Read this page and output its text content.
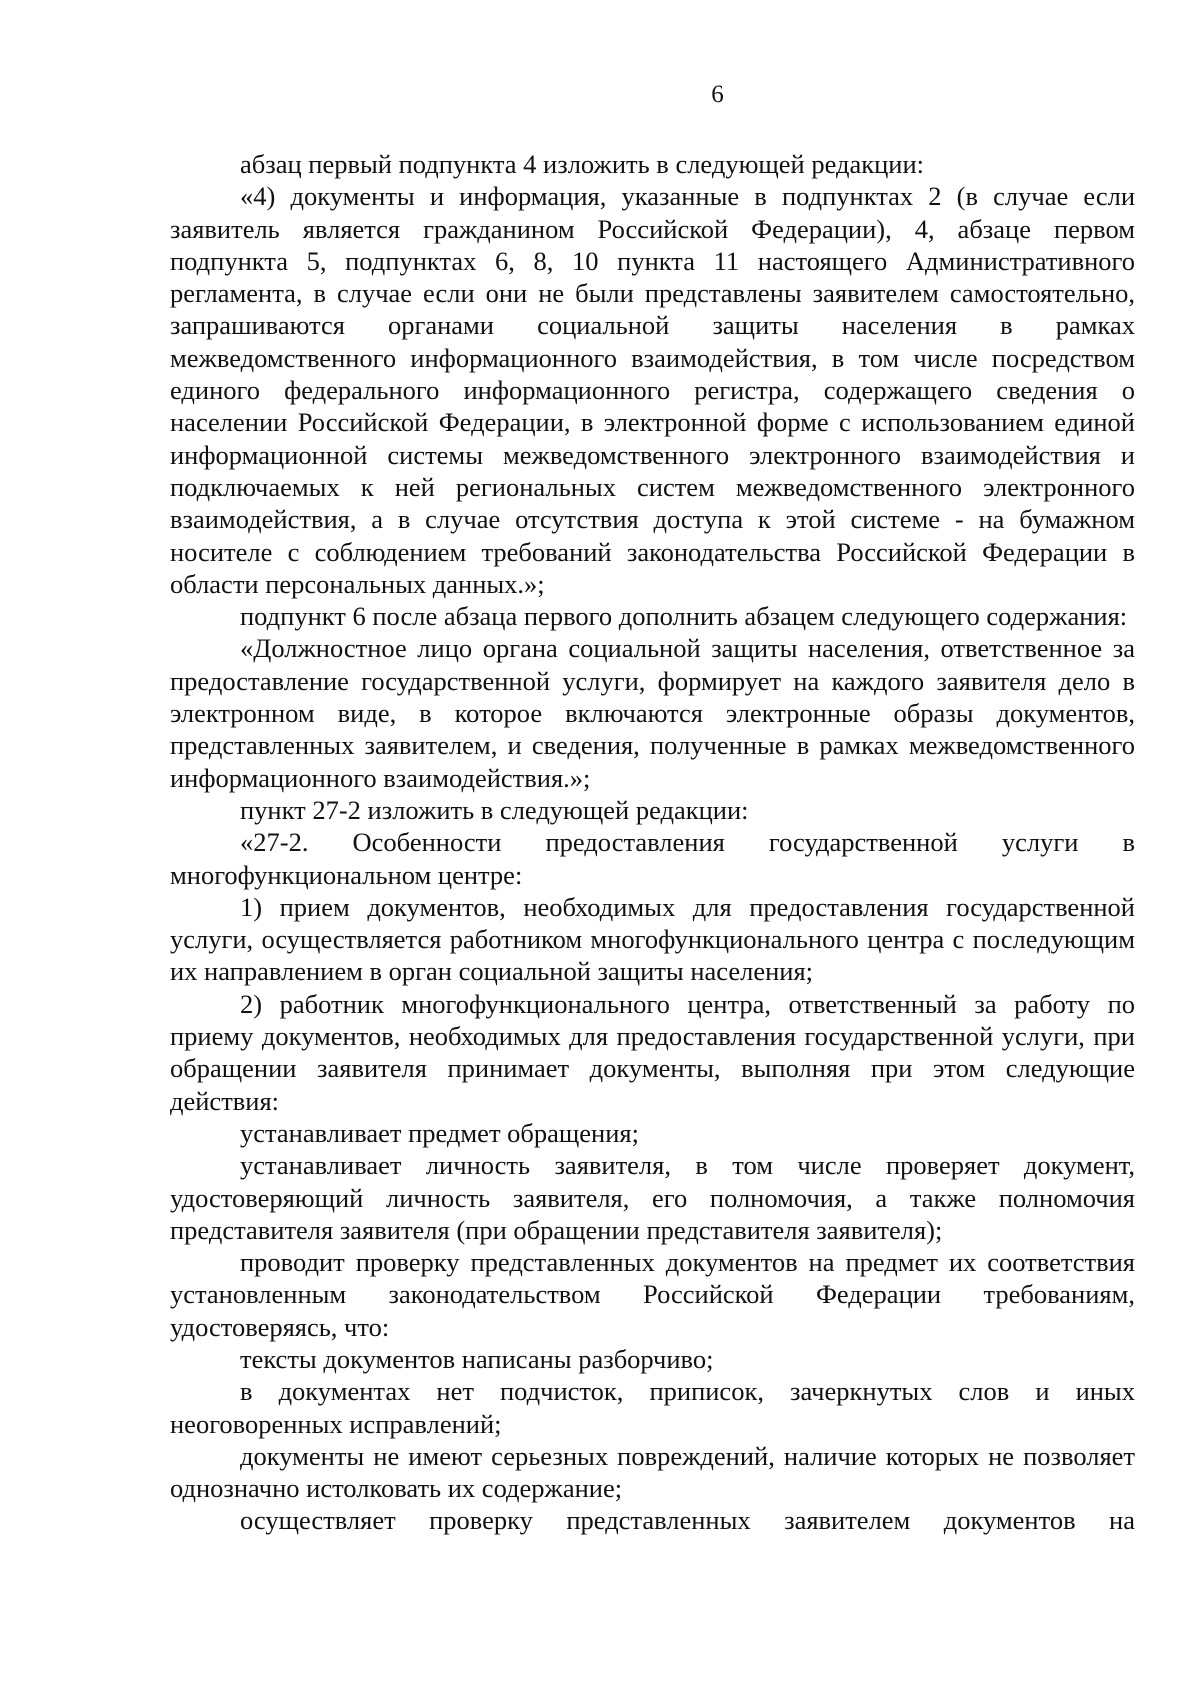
6

абзац первый подпункта 4 изложить в следующей редакции:

«4) документы и информация, указанные в подпунктах 2 (в случае если заявитель является гражданином Российской Федерации), 4, абзаце первом подпункта 5, подпунктах 6, 8, 10 пункта 11 настоящего Административного регламента, в случае если они не были представлены заявителем самостоятельно, запрашиваются органами социальной защиты населения в рамках межведомственного информационного взаимодействия, в том числе посредством единого федерального информационного регистра, содержащего сведения о населении Российской Федерации, в электронной форме с использованием единой информационной системы межведомственного электронного взаимодействия и подключаемых к ней региональных систем межведомственного электронного взаимодействия, а в случае отсутствия доступа к этой системе - на бумажном носителе с соблюдением требований законодательства Российской Федерации в области персональных данных.»;

подпункт 6 после абзаца первого дополнить абзацем следующего содержания:

«Должностное лицо органа социальной защиты населения, ответственное за предоставление государственной услуги, формирует на каждого заявителя дело в электронном виде, в которое включаются электронные образы документов, представленных заявителем, и сведения, полученные в рамках межведомственного информационного взаимодействия.»;

пункт 27-2 изложить в следующей редакции:

«27-2. Особенности предоставления государственной услуги в многофункциональном центре:

1) прием документов, необходимых для предоставления государственной услуги, осуществляется работником многофункционального центра с последующим их направлением в орган социальной защиты населения;

2) работник многофункционального центра, ответственный за работу по приему документов, необходимых для предоставления государственной услуги, при обращении заявителя принимает документы, выполняя при этом следующие действия:

устанавливает предмет обращения;

устанавливает личность заявителя, в том числе проверяет документ, удостоверяющий личность заявителя, его полномочия, а также полномочия представителя заявителя (при обращении представителя заявителя);

проводит проверку представленных документов на предмет их соответствия установленным законодательством Российской Федерации требованиям, удостоверяясь, что:

тексты документов написаны разборчиво;

в документах нет подчисток, приписок, зачеркнутых слов и иных неоговоренных исправлений;

документы не имеют серьезных повреждений, наличие которых не позволяет однозначно истолковать их содержание;

осуществляет проверку представленных заявителем документов на
